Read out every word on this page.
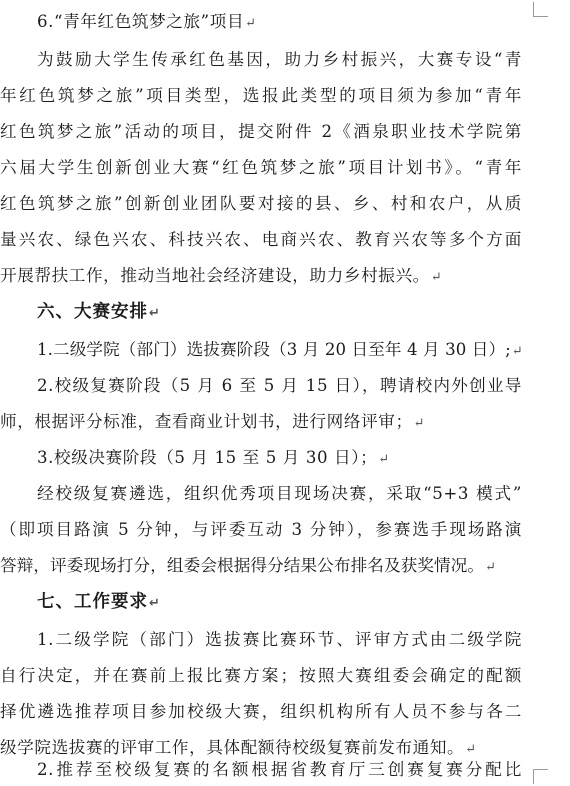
6.“青年红色筑梦之旅”项目↵
为鼓励大学生传承红色基因，助力乡村振兴，大赛专设“青
年红色筑梦之旅”项目类型，选报此类型的项目须为参加“青年
红色筑梦之旅”活动的项目，提交附件 2《酒泉职业技术学院第
六届大学生创新创业大赛“红色筑梦之旅”项目计划书》。“青年
红色筑梦之旅”创新创业团队要对接的县、乡、村和农户，从质
量兴农、绿色兴农、科技兴农、电商兴农、教育兴农等多个方面
开展帮扶工作，推动当地社会经济建设，助力乡村振兴。↵
六、大赛安排↵
1.二级学院（部门）选拔赛阶段（3 月 20 日至年 4 月 30 日）;↵
2.校级复赛阶段（5 月 6 至 5 月 15 日），聘请校内外创业导
师，根据评分标准，查看商业计划书，进行网络评审；↵
3.校级决赛阶段（5 月 15 至 5 月 30 日）；↵
经校级复赛遴选，组织优秀项目现场决赛，采取“5+3 模式”
（即项目路演 5 分钟，与评委互动 3 分钟），参赛选手现场路演
答辩，评委现场打分，组委会根据得分结果公布排名及获奖情况。↵
七、工作要求↵
1.二级学院（部门）选拔赛比赛环节、评审方式由二级学院
自行决定，并在赛前上报比赛方案；按照大赛组委会确定的配额
择优遴选推荐项目参加校级大赛，组织机构所有人员不参与各二
级学院选拔赛的评审工作，具体配额待校级复赛前发布通知。↵
2.推荐至校级复赛的名额根据省教育厅三创赛复赛分配比
